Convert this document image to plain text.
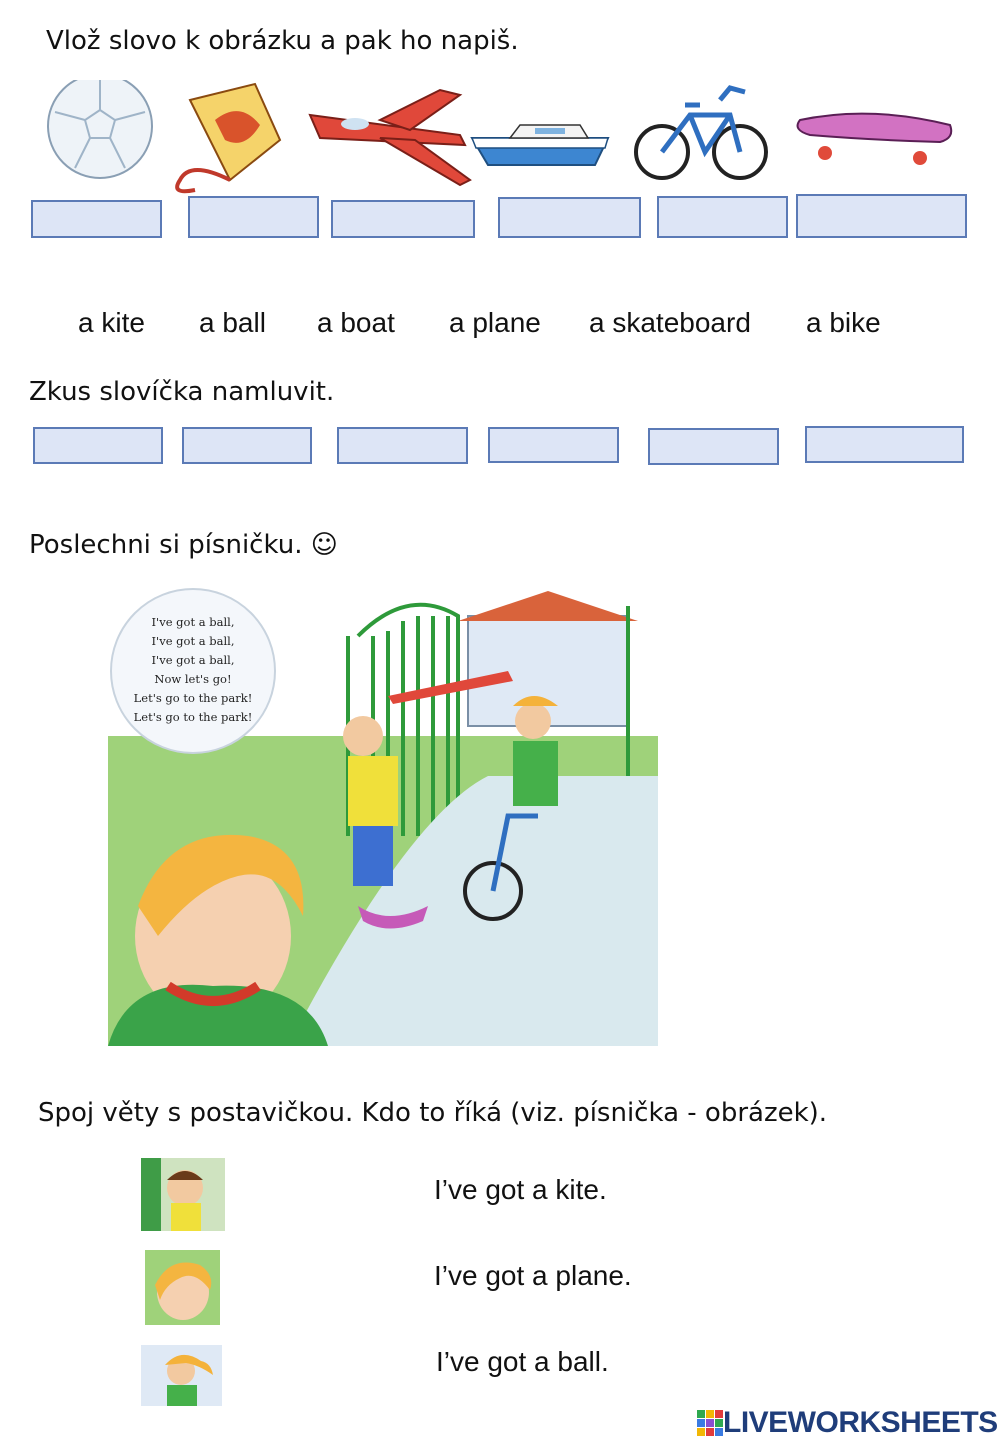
Vlož slovo k obrázku a pak ho napiš.
a kite a ball a boat a plane a skateboard a bike
Zkus slovíčka namluvit.
Poslechni si písničku. ☺
I've got a ball,
I've got a ball,
I've got a ball,
Now let's go!
Let's go to the park!
Let's go to the park!
Spoj věty s postavičkou. Kdo to říká (viz. písnička - obrázek).
I’ve got a kite.
I’ve got a plane.
I’ve got a ball.
LIVEWORKSHEETS
